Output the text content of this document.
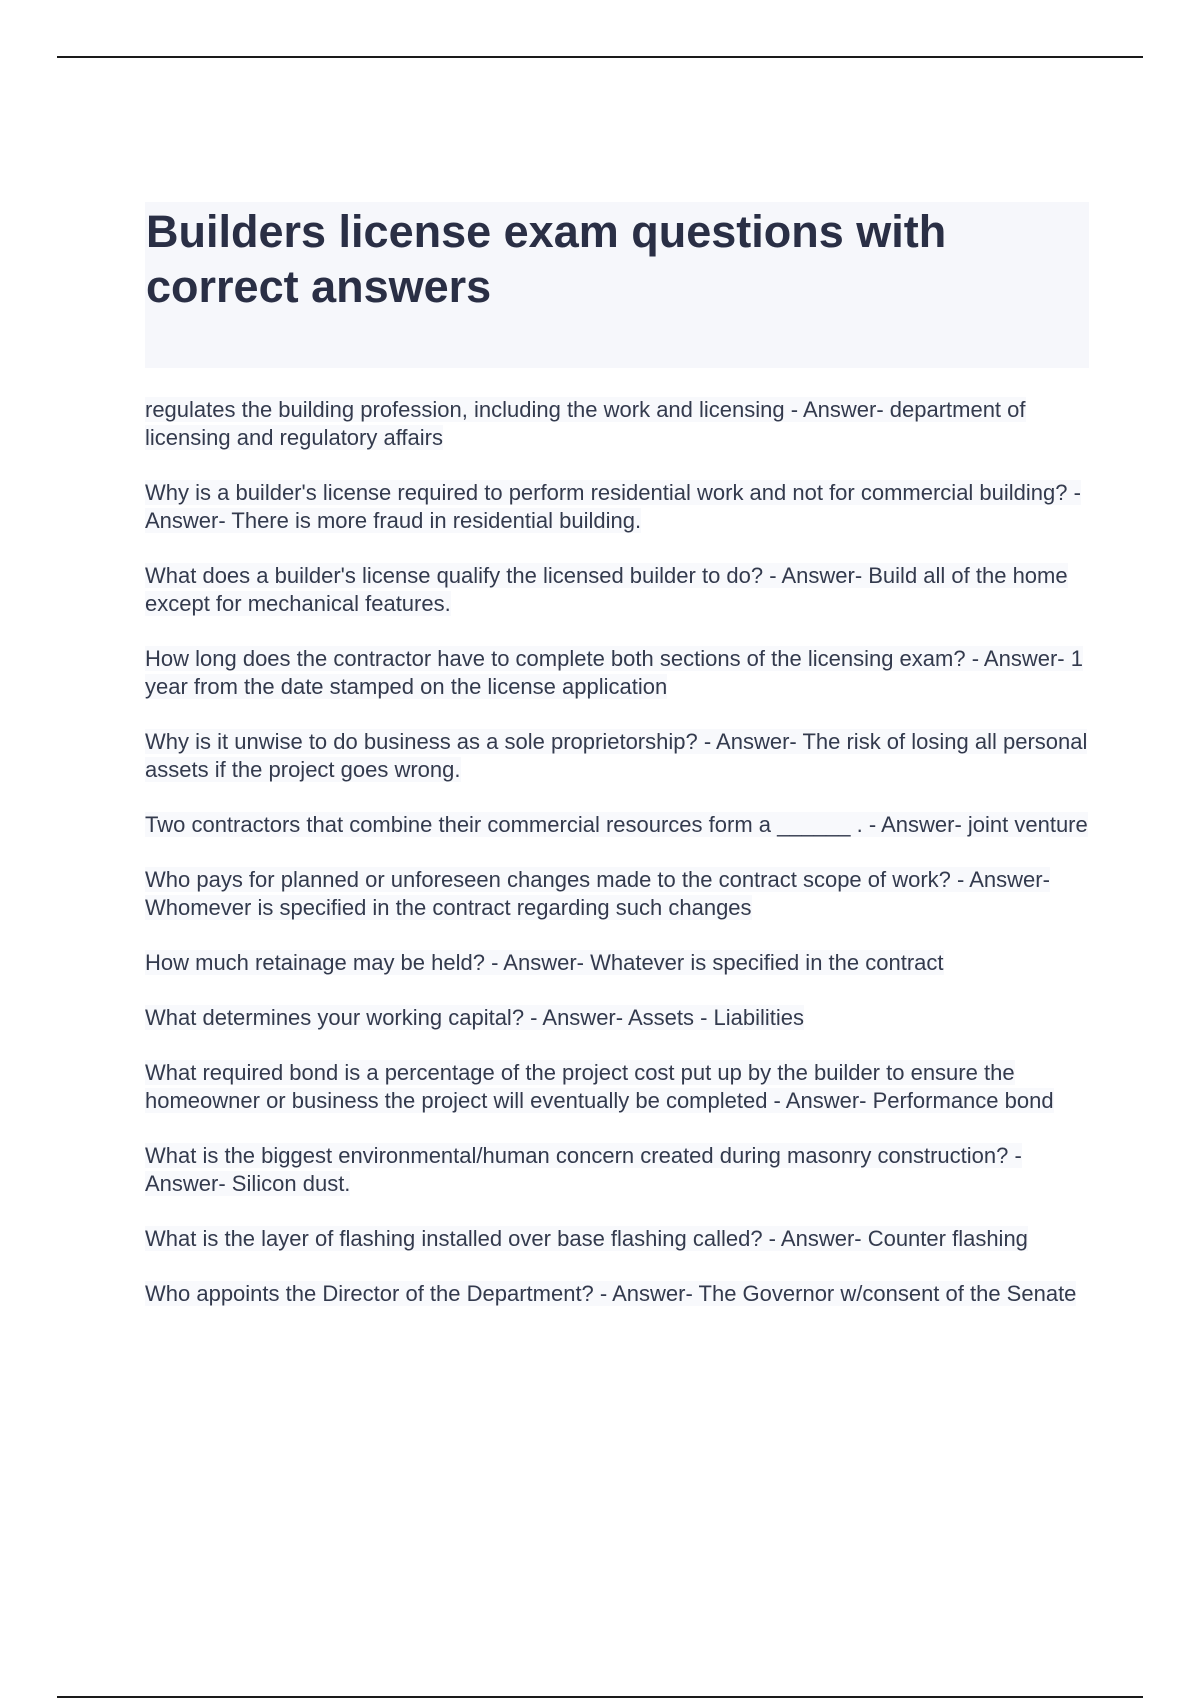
Builders license exam questions with correct answers
regulates the building profession, including the work and licensing - Answer- department of licensing and regulatory affairs
Why is a builder's license required to perform residential work and not for commercial building? - Answer- There is more fraud in residential building.
What does a builder's license qualify the licensed builder to do? - Answer- Build all of the home except for mechanical features.
How long does the contractor have to complete both sections of the licensing exam? - Answer- 1 year from the date stamped on the license application
Why is it unwise to do business as a sole proprietorship? - Answer- The risk of losing all personal assets if the project goes wrong.
Two contractors that combine their commercial resources form a ______ . - Answer- joint venture
Who pays for planned or unforeseen changes made to the contract scope of work? - Answer- Whomever is specified in the contract regarding such changes
How much retainage may be held? - Answer- Whatever is specified in the contract
What determines your working capital? - Answer- Assets - Liabilities
What required bond is a percentage of the project cost put up by the builder to ensure the homeowner or business the project will eventually be completed - Answer- Performance bond
What is the biggest environmental/human concern created during masonry construction? - Answer- Silicon dust.
What is the layer of flashing installed over base flashing called? - Answer- Counter flashing
Who appoints the Director of the Department? - Answer- The Governor w/consent of the Senate
